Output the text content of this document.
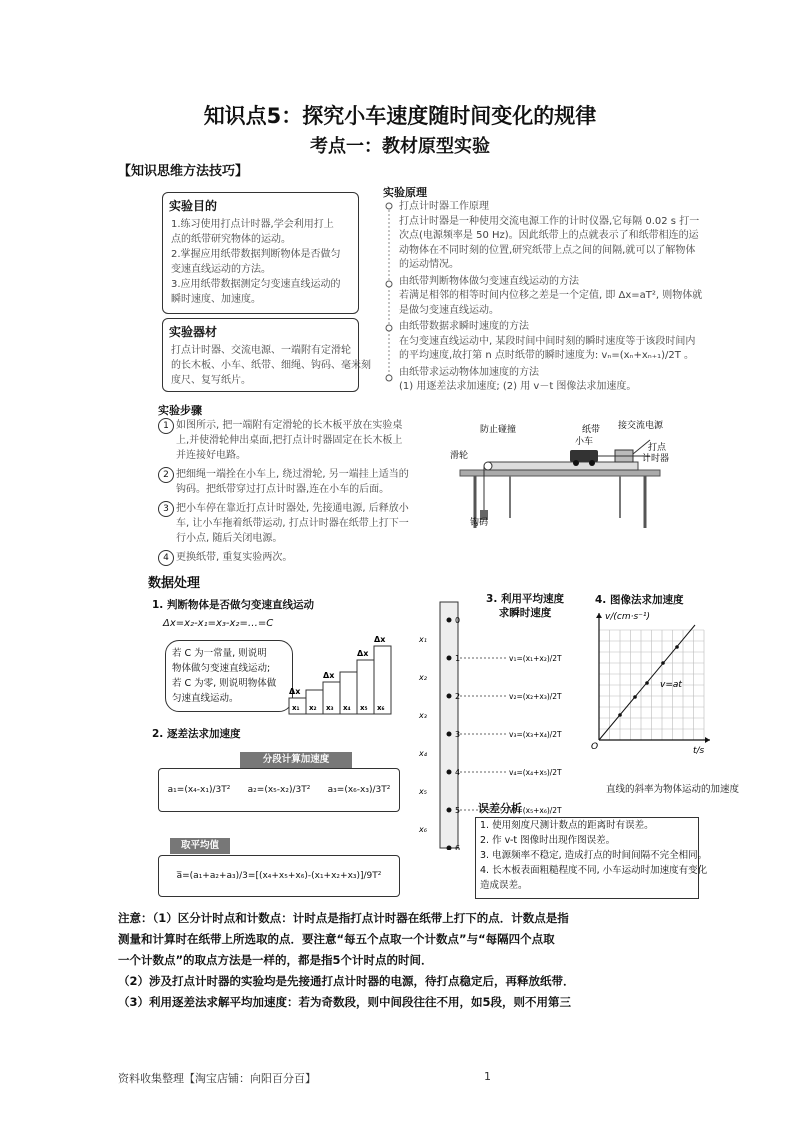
知识点5：探究小车速度随时间变化的规律
考点一：教材原型实验
【知识思维方法技巧】
实验目的
1.练习使用打点计时器,学会利用打上
点的纸带研究物体的运动。
2.掌握应用纸带数据判断物体是否做匀
变速直线运动的方法。
3.应用纸带数据测定匀变速直线运动的
瞬时速度、加速度。
实验器材
打点计时器、交流电源、一端附有定滑轮
的长木板、小车、纸带、细绳、钩码、毫米刻
度尺、复写纸片。
实验原理
打点计时器工作原理
打点计时器是一种使用交流电源工作的计时仪器,它每隔 0.02 s 打一
次点(电源频率是 50 Hz)。因此纸带上的点就表示了和纸带相连的运
动物体在不同时刻的位置,研究纸带上点之间的间隔,就可以了解物体
的运动情况。
由纸带判断物体做匀变速直线运动的方法
若满足相邻的相等时间内位移之差是一个定值, 即 Δx=aT², 则物体就
是做匀变速直线运动。
由纸带数据求瞬时速度的方法
在匀变速直线运动中, 某段时间中间时刻的瞬时速度等于该段时间内
的平均速度,故打第 n 点时纸带的瞬时速度为: vₙ=(xₙ+xₙ₊₁)/2T 。
由纸带求运动物体加速度的方法
(1) 用逐差法求加速度; (2) 用 v－t 图像法求加速度。
实验步骤
1 如图所示, 把一端附有定滑轮的长木板平放在实验桌
上,并使滑轮伸出桌面,把打点计时器固定在长木板上
并连接好电路。
2 把细绳一端拴在小车上, 绕过滑轮, 另一端挂上适当的
钩码。把纸带穿过打点计时器,连在小车的后面。
3 把小车停在靠近打点计时器处, 先接通电源, 后释放小
车, 让小车拖着纸带运动, 打点计时器在纸带上打下一
行小点, 随后关闭电源。
4 更换纸带, 重复实验两次。
防止碰撞	纸带 接交流电源
小车
打点
计时器
滑轮
钩码
数据处理
1. 判断物体是否做匀变速直线运动
Δx=x₂-x₁=x₃-x₂=…=C
若 C 为一常量, 则说明
物体做匀变速直线运动;
若 C 为零, 则说明物体做
匀速直线运动。
x₁ x₂ x₃ x₄ x₅ x₆
Δx
Δx
Δx
Δx
2. 逐差法求加速度
分段计算加速度
a₁=(x₄-x₁)/3T² a₂=(x₅-x₂)/3T² a₃=(x₆-x₃)/3T²
取平均值
a̅=(a₁+a₂+a₃)/3=[(x₄+x₅+x₆)-(x₁+x₂+x₃)]/9T²
3. 利用平均速度
求瞬时速度
0
1
2
3
4
5
6
x₁
x₂
x₃
x₄
x₅
x₆
v₁=(x₁+x₂)/2T
v₂=(x₂+x₃)/2T
v₃=(x₃+x₄)/2T
v₄=(x₄+x₅)/2T
v₅=(x₅+x₆)/2T
4. 图像法求加速度
v/(cm·s⁻¹)
t/s
O
v=at
直线的斜率为物体运动的加速度
误差分析
1. 使用刻度尺测计数点的距离时有误差。
2. 作 v-t 图像时出现作图误差。
3. 电源频率不稳定, 造成打点的时间间隔不完全相同。
4. 长木板表面粗糙程度不同, 小车运动时加速度有变化
造成误差。
注意：（1）区分计时点和计数点：计时点是指打点计时器在纸带上打下的点．计数点是指
测量和计算时在纸带上所选取的点．要注意“每五个点取一个计数点”与“每隔四个点取
一个计数点”的取点方法是一样的，都是指5个计时点的时间．
（2）涉及打点计时器的实验均是先接通打点计时器的电源，待打点稳定后，再释放纸带．
（3）利用逐差法求解平均加速度：若为奇数段，则中间段往往不用，如5段，则不用第三
资料收集整理【淘宝店铺：向阳百分百】	1
